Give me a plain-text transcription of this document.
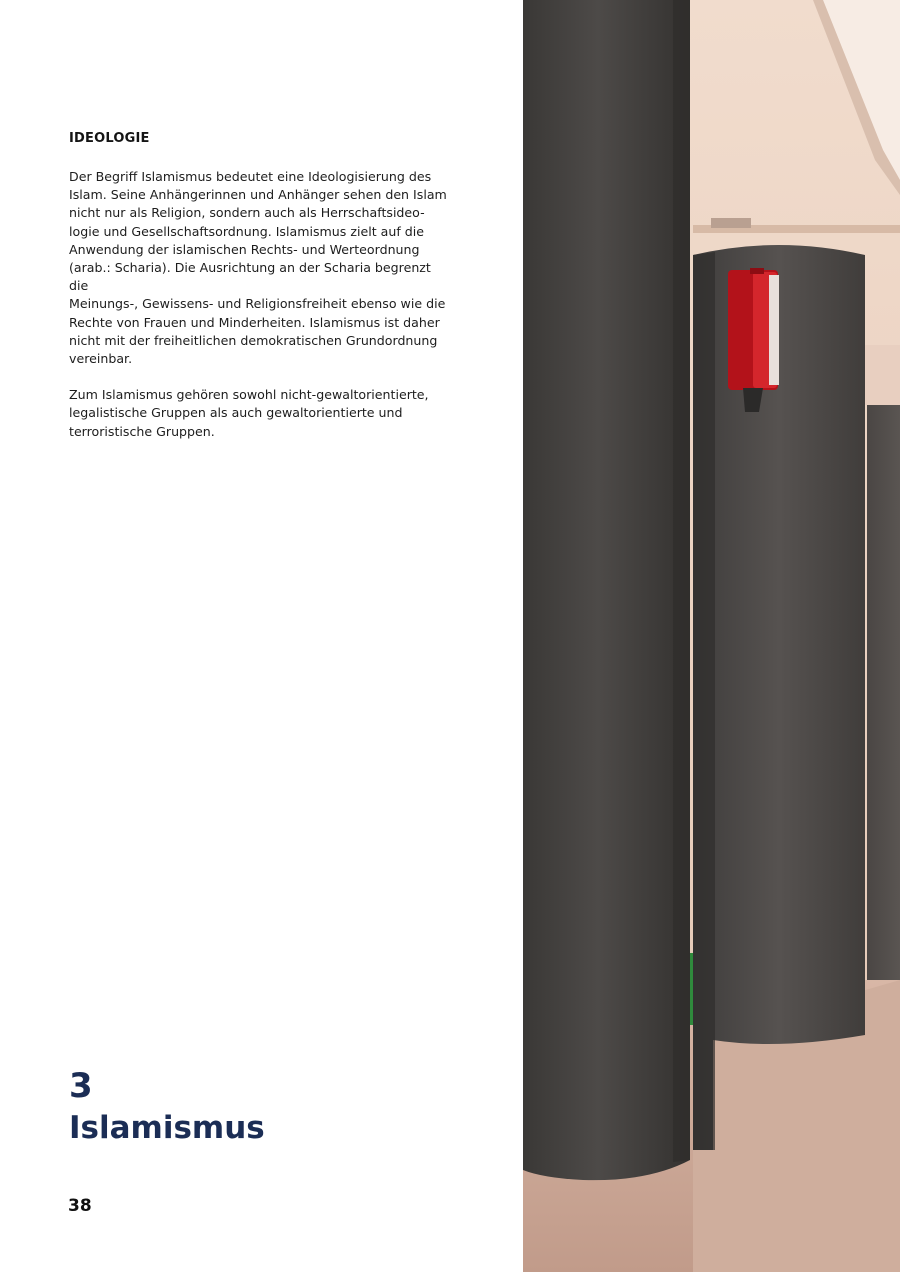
IDEOLOGIE

Der Begriff Islamismus bedeutet eine Ideologisierung des
Islam. Seine Anhängerinnen und Anhänger sehen den Islam
nicht nur als Religion, sondern auch als Herrschaftsideo-
logie und Gesellschaftsordnung. Islamismus zielt auf die
Anwendung der islamischen Rechts- und Werteordnung
(arab.: Scharia). Die Ausrichtung an der Scharia begrenzt die
Meinungs-, Gewissens- und Religionsfreiheit ebenso wie die
Rechte von Frauen und Minderheiten. Islamismus ist daher
nicht mit der freiheitlichen demokratischen Grundordnung
vereinbar.

Zum Islamismus gehören sowohl nicht-gewaltorientierte,
legalistische Gruppen als auch gewaltorientierte und
terroristische Gruppen.

3
Islamismus
38
